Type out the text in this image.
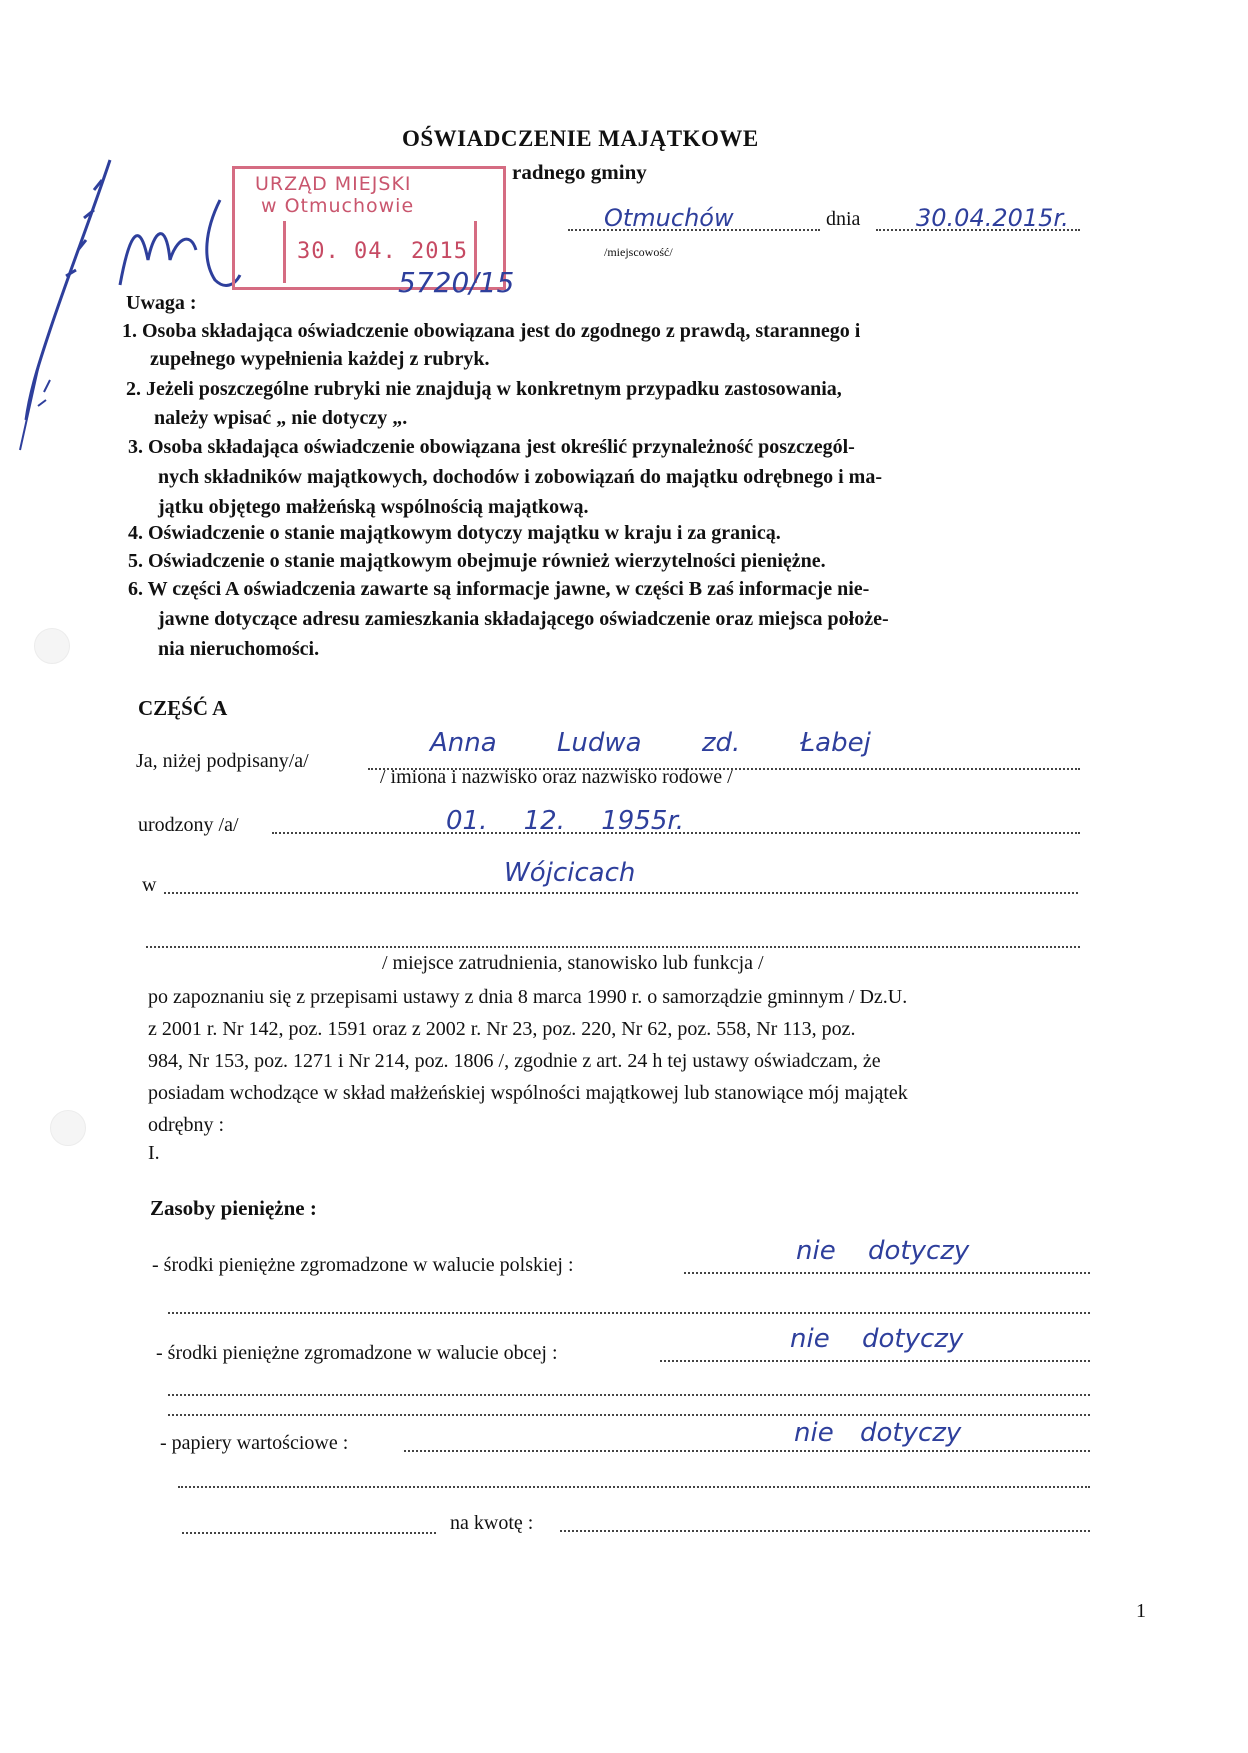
OŚWIADCZENIE MAJĄTKOWE
radnego gminy
Otmuchów	dnia 30.04.2015r.
/miejscowość/
URZĄD MIEJSKI
w Otmuchowie
30. 04. 2015
5720/15
Uwaga :
1. Osoba składająca oświadczenie obowiązana jest do zgodnego z prawdą, starannego i
zupełnego wypełnienia każdej z rubryk.
2. Jeżeli poszczególne rubryki nie znajdują w konkretnym przypadku zastosowania,
należy wpisać „ nie dotyczy „.
3. Osoba składająca oświadczenie obowiązana jest określić przynależność poszczegól-
nych składników majątkowych, dochodów i zobowiązań do majątku odrębnego i ma-
jątku objętego małżeńską wspólnością majątkową.
4. Oświadczenie o stanie majątkowym dotyczy majątku w kraju i za granicą.
5. Oświadczenie o stanie majątkowym obejmuje również wierzytelności pieniężne.
6. W części A oświadczenia zawarte są informacje jawne, w części B zaś informacje nie-
jawne dotyczące adresu zamieszkania składającego oświadczenie oraz miejsca położe-
nia nieruchomości.
CZĘŚĆ A
Ja, niżej podpisany/a/
Anna Ludwa zd. Łabej
/ imiona i nazwisko oraz nazwisko rodowe /
urodzony /a/	01. 12. 1955r.
w	Wójcicach
/ miejsce zatrudnienia, stanowisko lub funkcja /
po zapoznaniu się z przepisami ustawy z dnia 8 marca 1990 r. o samorządzie gminnym / Dz.U.
z 2001 r. Nr 142, poz. 1591 oraz z 2002 r. Nr 23, poz. 220, Nr 62, poz. 558, Nr 113, poz.
984, Nr 153, poz. 1271 i Nr 214, poz. 1806 /, zgodnie z art. 24 h tej ustawy oświadczam, że
posiadam wchodzące w skład małżeńskiej wspólności majątkowej lub stanowiące mój majątek
odrębny :
I.
Zasoby pieniężne :
- środki pieniężne zgromadzone w walucie polskiej :	nie dotyczy
- środki pieniężne zgromadzone w walucie obcej :	nie dotyczy
- papiery wartościowe :	nie dotyczy
na kwotę :
1
